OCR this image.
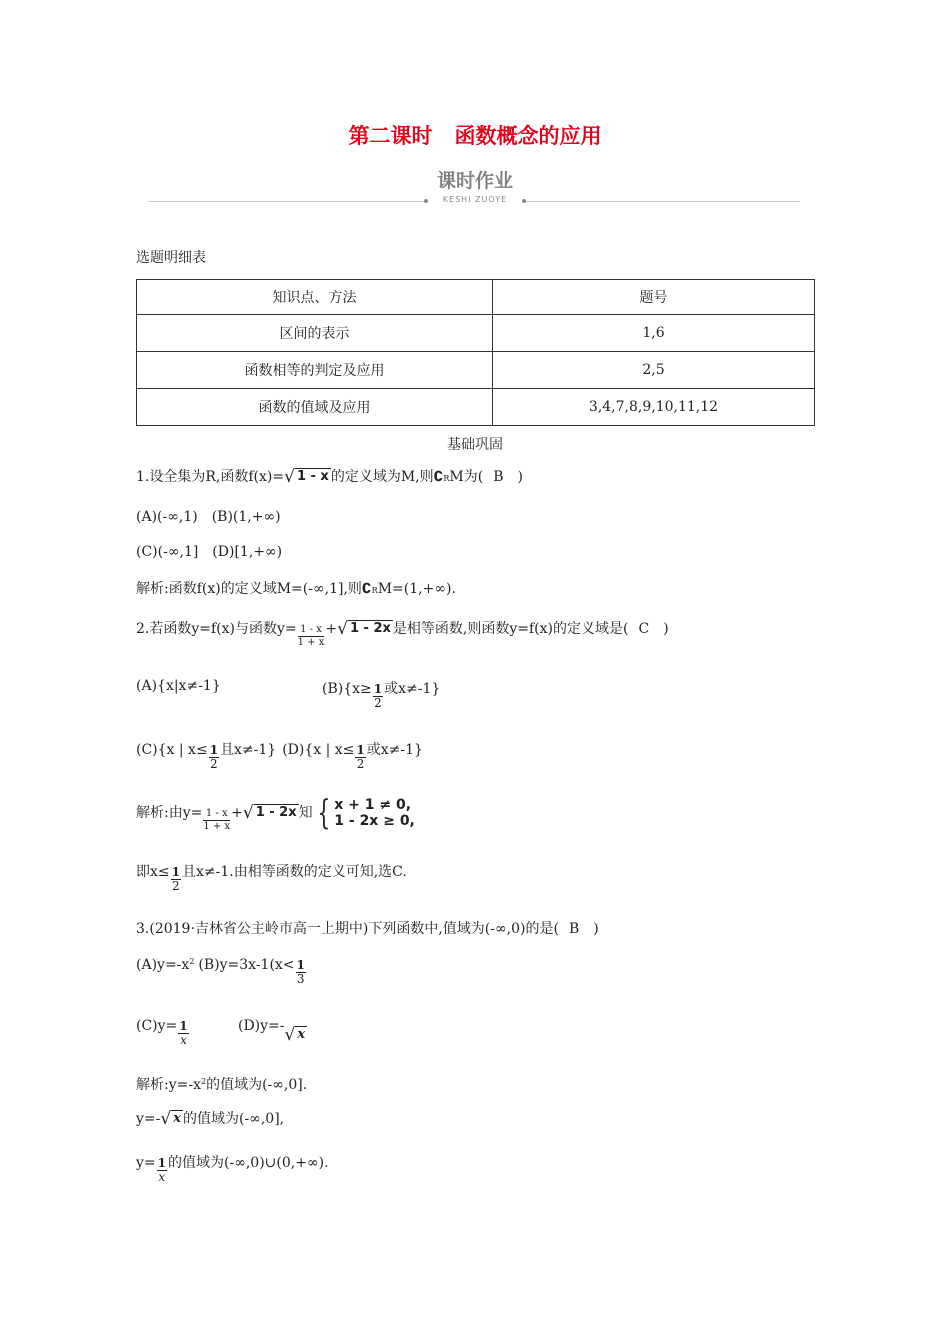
第二课时 函数概念的应用
课时作业
KESHI ZUOYE
选题明细表
知识点、方法	题号
区间的表示	1,6
函数相等的判定及应用	2,5
函数的值域及应用	3,4,7,8,9,10,11,12
基础巩固
1.设全集为R,函数f(x)=√ 1 - x 的定义域为M,则∁RM为( B )
(A)(-∞,1)　(B)(1,+∞)
(C)(-∞,1]　(D)[1,+∞)
解析:函数f(x)的定义域M=(-∞,1],则∁RM=(1,+∞).
2.若函数y=f(x)与函数$y= \frac{1 - x}{1 + x}$ +√ 1 - 2x 是相等函数,则函数y=f(x)的定义域是( C )
(A){x|x≠-1}	$(B)\{x\ge \frac{1}{2}$ 或x≠-1}
(C){x | $x\le \frac{1}{2}$ 且x≠-1} (D){x | $x\le \frac{1}{2}$ 或x≠-1}
解析:由$y= \frac{1 - x}{1 + x}$ +√ 1 - 2x 知 { x + 1 ≠ 0,
1 - 2x ≥ 0,
即$x\le \frac{1}{2}$ 且x≠-1.由相等函数的定义可知,选C.
3.(2019·吉林省公主岭市高一上期中)下列函数中,值域为(-∞,0)的是( B )
$(A)y=-x^2$ $(B)y=3x-1(x< \frac{1}{3}$
$(C)y= \frac{1}{x}$	(D)y=-√ x
解析$:y=-x^2$的值域为(-∞,0].
y=-√ x 的值域为(-∞,0],
$y= \frac{1}{x}$ 的值域为(-∞,0)∪(0,+∞).
